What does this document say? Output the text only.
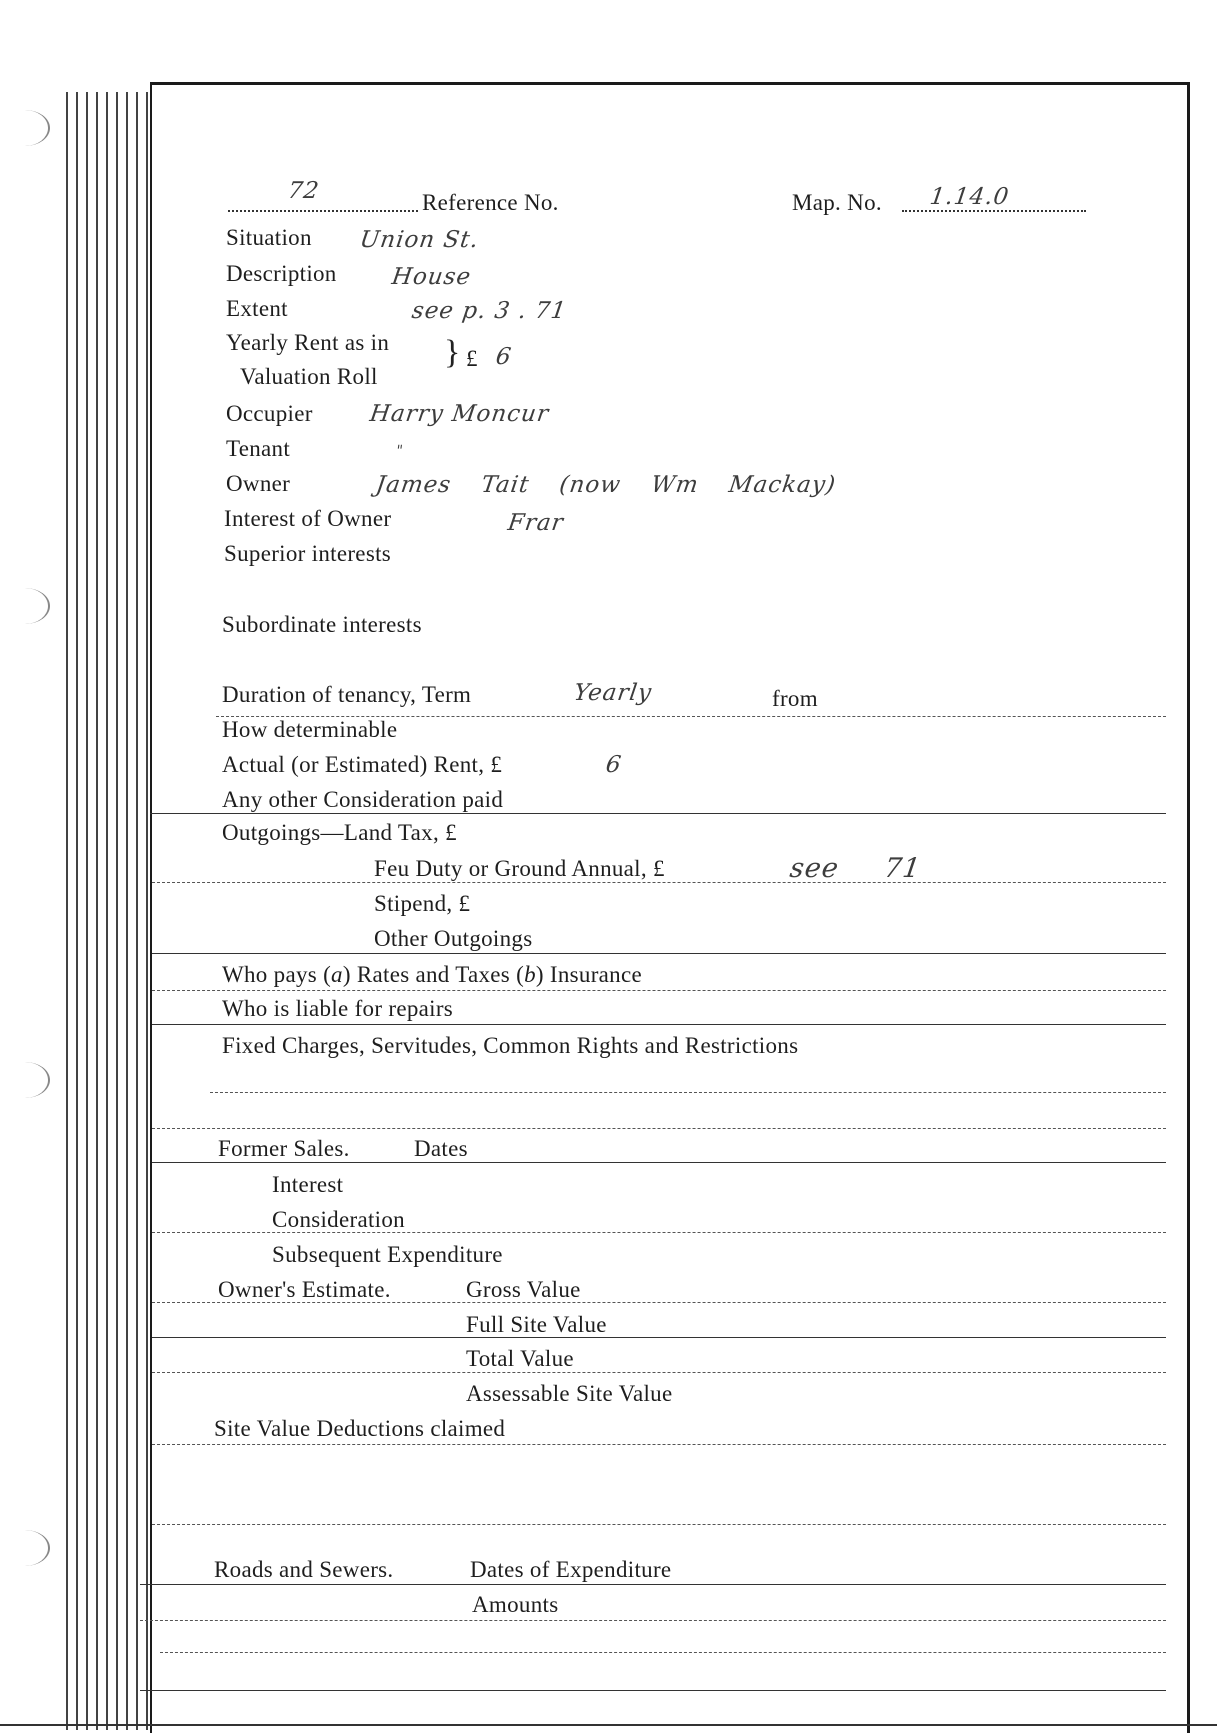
72	Reference No.	Map. No. 1.14.0
Situation Union St.
Description House
Extent	see p. 3 . 71
Yearly Rent as in
Valuation Roll
} £ 6
Occupier Harry Moncur
Tenant	"
Owner	James Tait (now Wm Mackay)
Interest of Owner	Frar
Superior interests
Subordinate interests
Duration of tenancy, Term	Yearly	from
How determinable
Actual (or Estimated) Rent, £	6
Any other Consideration paid
Outgoings—Land Tax, £
Feu Duty or Ground Annual, £	see 71
Stipend, £
Other Outgoings
Who pays (a) Rates and Taxes (b) Insurance
Who is liable for repairs
Fixed Charges, Servitudes, Common Rights and Restrictions
Former Sales.	Dates
Interest
Consideration
Subsequent Expenditure
Owner's Estimate.	Gross Value
Full Site Value
Total Value
Assessable Site Value
Site Value Deductions claimed
Roads and Sewers.	Dates of Expenditure
Amounts
